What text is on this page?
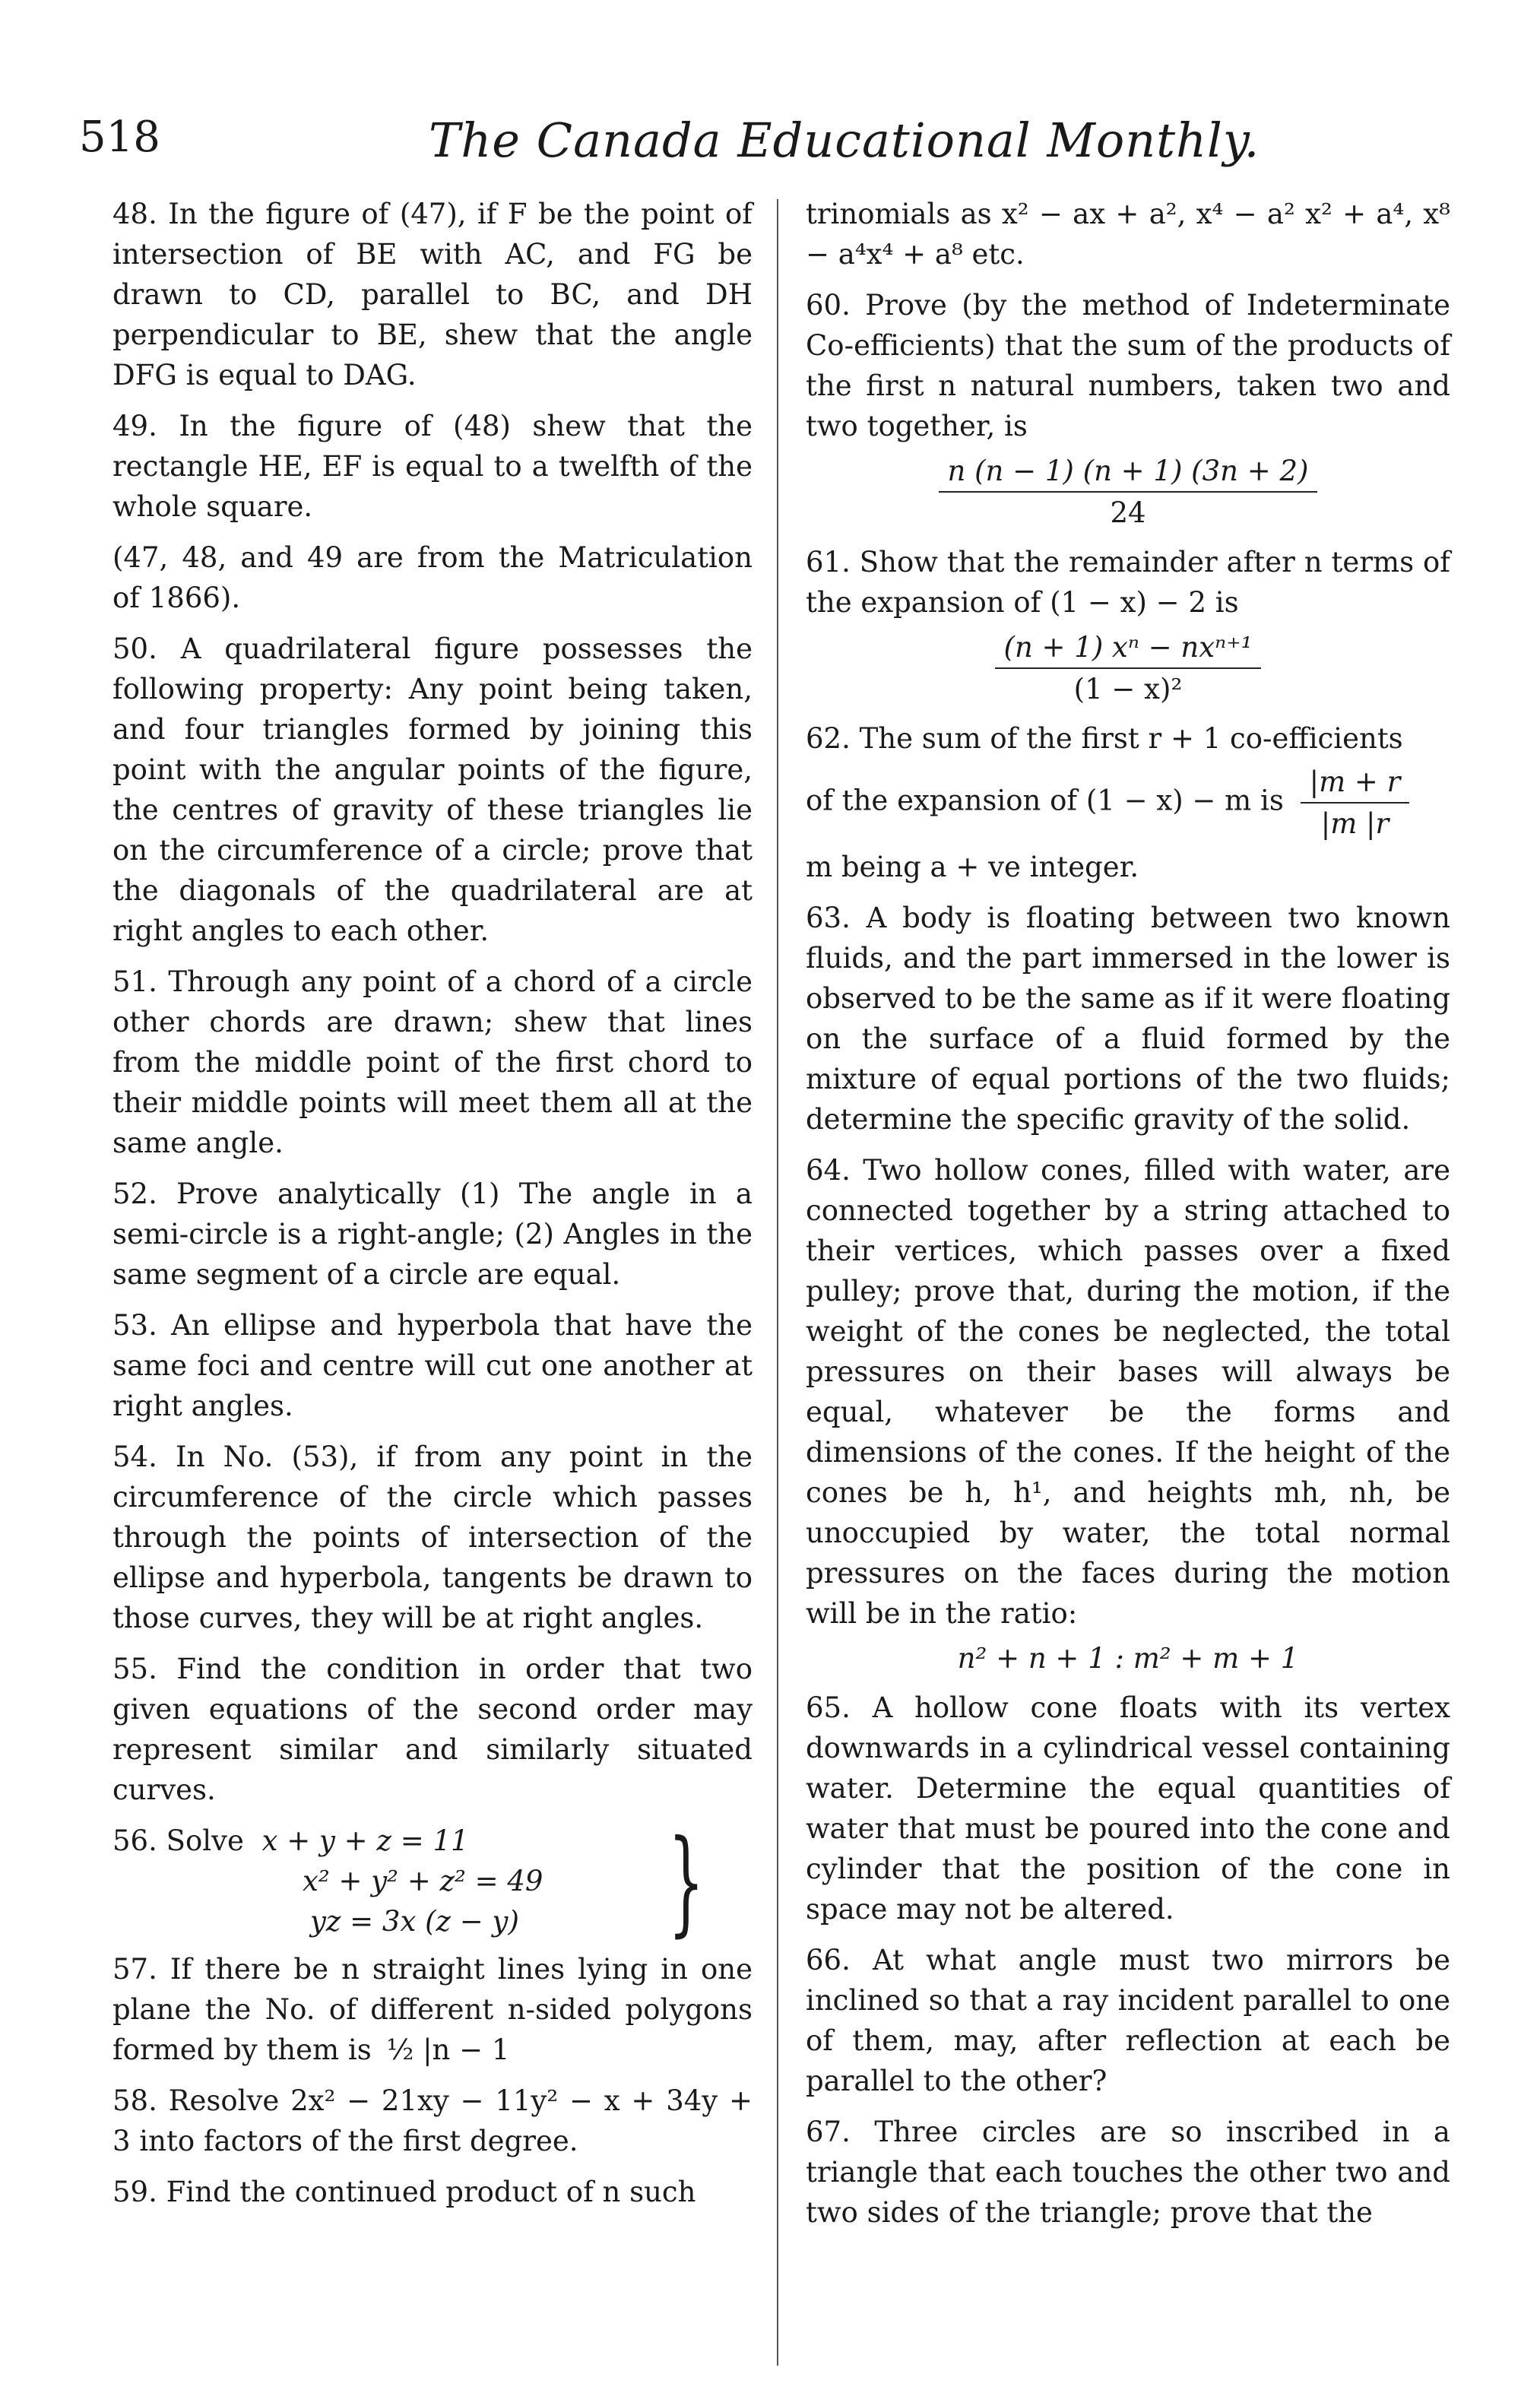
518	The Canada Educational Monthly.

48. In the figure of (47), if F be the point of intersection of BE with AC, and FG be drawn to CD, parallel to BC, and DH perpendicular to BE, shew that the angle DFG is equal to DAG.

49. In the figure of (48) shew that the rectangle HE, EF is equal to a twelfth of the whole square.

(47, 48, and 49 are from the Matriculation of 1866).

50. A quadrilateral figure possesses the following property: Any point being taken, and four triangles formed by joining this point with the angular points of the figure, the centres of gravity of these triangles lie on the circumference of a circle; prove that the diagonals of the quadrilateral are at right angles to each other.

51. Through any point of a chord of a circle other chords are drawn; shew that lines from the middle point of the first chord to their middle points will meet them all at the same angle.

52. Prove analytically (1) The angle in a semi-circle is a right-angle; (2) Angles in the same segment of a circle are equal.

53. An ellipse and hyperbola that have the same foci and centre will cut one another at right angles.

54. In No. (53), if from any point in the circumference of the circle which passes through the points of intersection of the ellipse and hyperbola, tangents be drawn to those curves, they will be at right angles.

55. Find the condition in order that two given equations of the second order may represent similar and similarly situated curves.

56. Solve x + y + z = 11
x² + y² + z² = 49
yz = 3x (z − y)	}

57. If there be n straight lines lying in one plane the No. of different n-sided polygons formed by them is ½ |n − 1

58. Resolve 2x² − 21xy − 11y² − x + 34y + 3 into factors of the first degree.

59. Find the continued product of n such

trinomials as x² − ax + a², x⁴ − a² x² + a⁴, x⁸ − a⁴x⁴ + a⁸ etc.

60. Prove (by the method of Indeterminate Co-efficients) that the sum of the products of the first n natural numbers, taken two and two together, is

$\frac{n (n - 1) (n + 1) (3n + 2)}{24}$

61. Show that the remainder after n terms of the expansion of (1 − x) − 2 is

$\frac{\text{(n + 1) xⁿ − nxⁿ⁺¹}}{\text{(1 − x)²}}$

62. The sum of the first r + 1 co-efficients

of the expansion of (1 − x) − m is $\frac{|m + r}{|m |r}$

m being a + ve integer.

63. A body is floating between two known fluids, and the part immersed in the lower is observed to be the same as if it were floating on the surface of a fluid formed by the mixture of equal portions of the two fluids; determine the specific gravity of the solid.

64. Two hollow cones, filled with water, are connected together by a string attached to their vertices, which passes over a fixed pulley; prove that, during the motion, if the weight of the cones be neglected, the total pressures on their bases will always be equal, whatever be the forms and dimensions of the cones. If the height of the cones be h, h¹, and heights mh, nh, be unoccupied by water, the total normal pressures on the faces during the motion will be in the ratio:

n² + n + 1 : m² + m + 1

65. A hollow cone floats with its vertex downwards in a cylindrical vessel containing water. Determine the equal quantities of water that must be poured into the cone and cylinder that the position of the cone in space may not be altered.

66. At what angle must two mirrors be inclined so that a ray incident parallel to one of them, may, after reflection at each be parallel to the other?

67. Three circles are so inscribed in a triangle that each touches the other two and two sides of the triangle; prove that the
